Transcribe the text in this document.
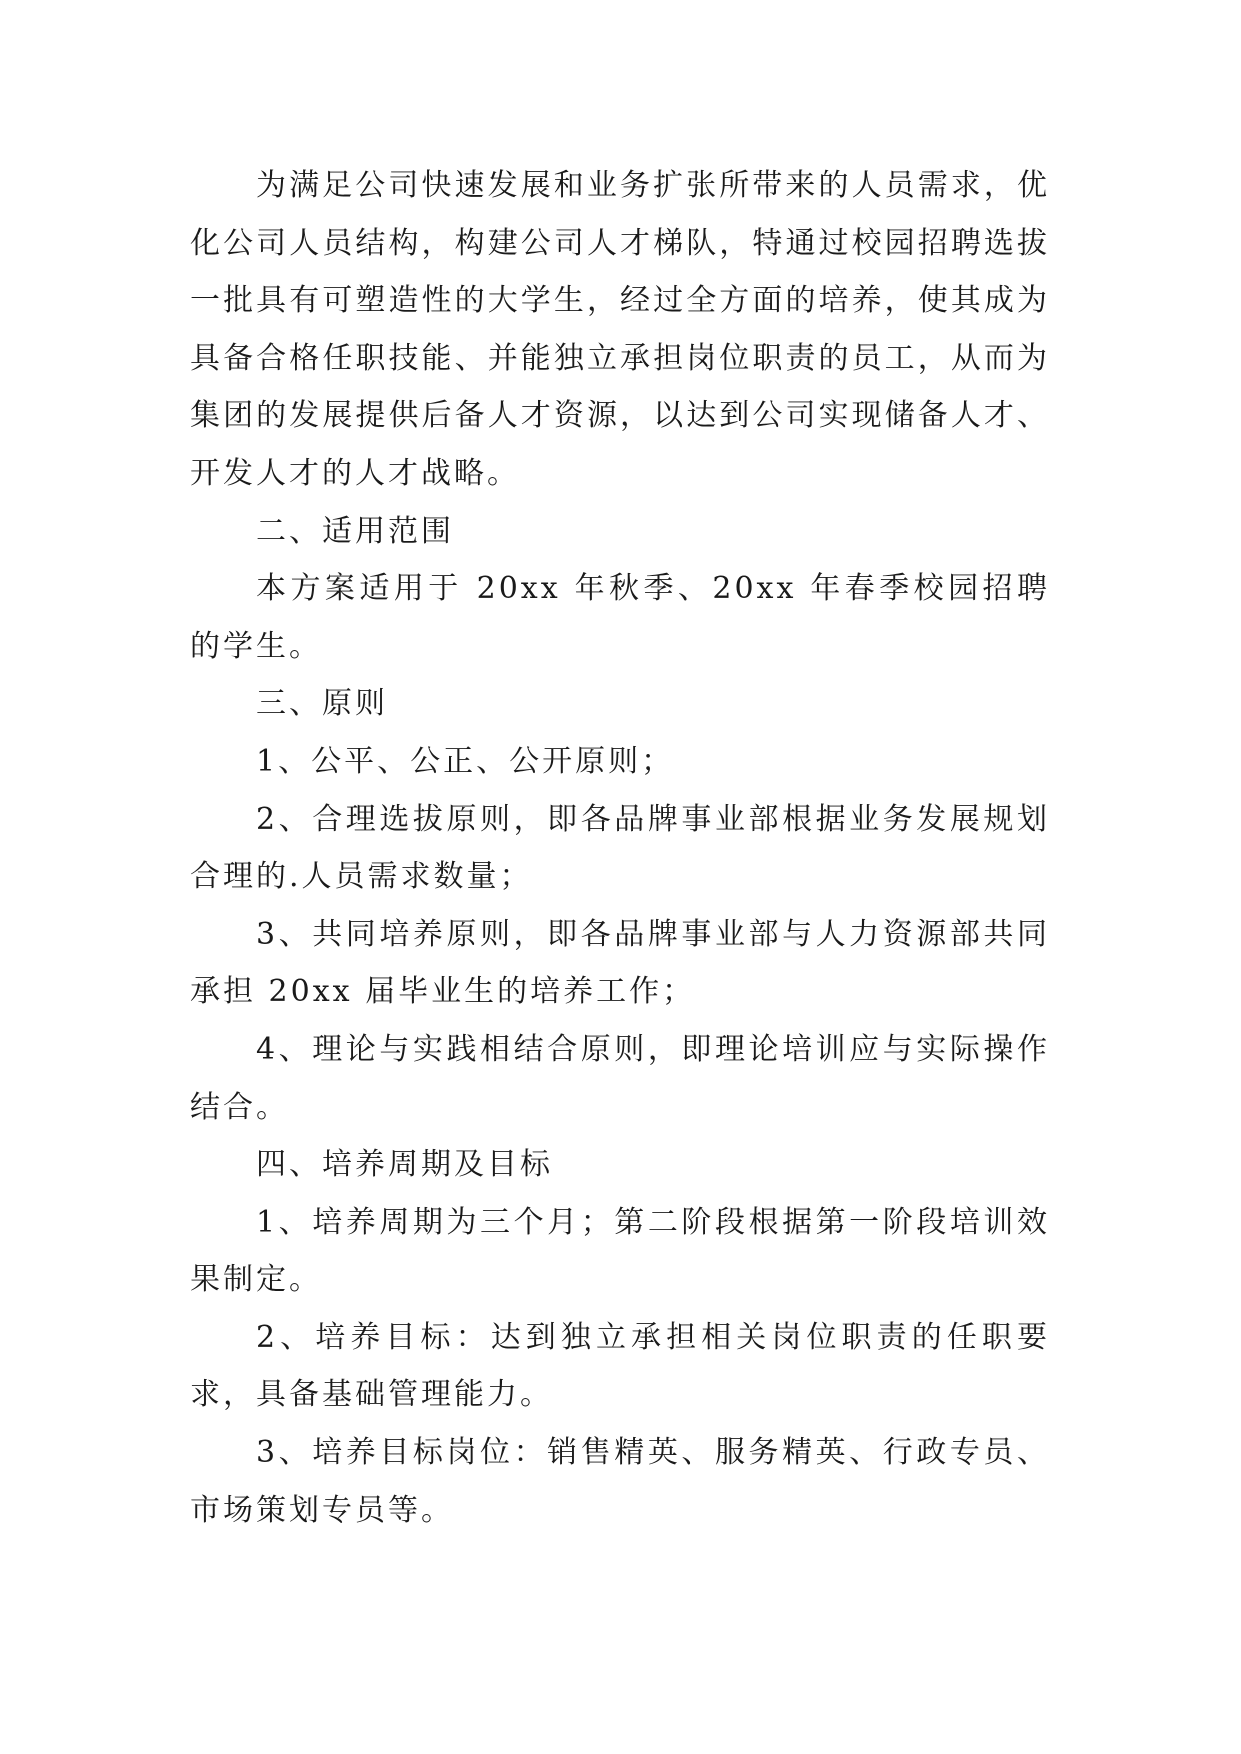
为满足公司快速发展和业务扩张所带来的人员需求，优化公司人员结构，构建公司人才梯队，特通过校园招聘选拔一批具有可塑造性的大学生，经过全方面的培养，使其成为具备合格任职技能、并能独立承担岗位职责的员工，从而为集团的发展提供后备人才资源，以达到公司实现储备人才、开发人才的人才战略。

二、适用范围

本方案适用于 20xx 年秋季、20xx 年春季校园招聘的学生。

三、原则

1、公平、公正、公开原则；

2、合理选拔原则，即各品牌事业部根据业务发展规划合理的.人员需求数量；

3、共同培养原则，即各品牌事业部与人力资源部共同承担 20xx 届毕业生的培养工作；

4、理论与实践相结合原则，即理论培训应与实际操作结合。

四、培养周期及目标

1、培养周期为三个月；第二阶段根据第一阶段培训效果制定。

2、培养目标：达到独立承担相关岗位职责的任职要求，具备基础管理能力。

3、培养目标岗位：销售精英、服务精英、行政专员、市场策划专员等。
